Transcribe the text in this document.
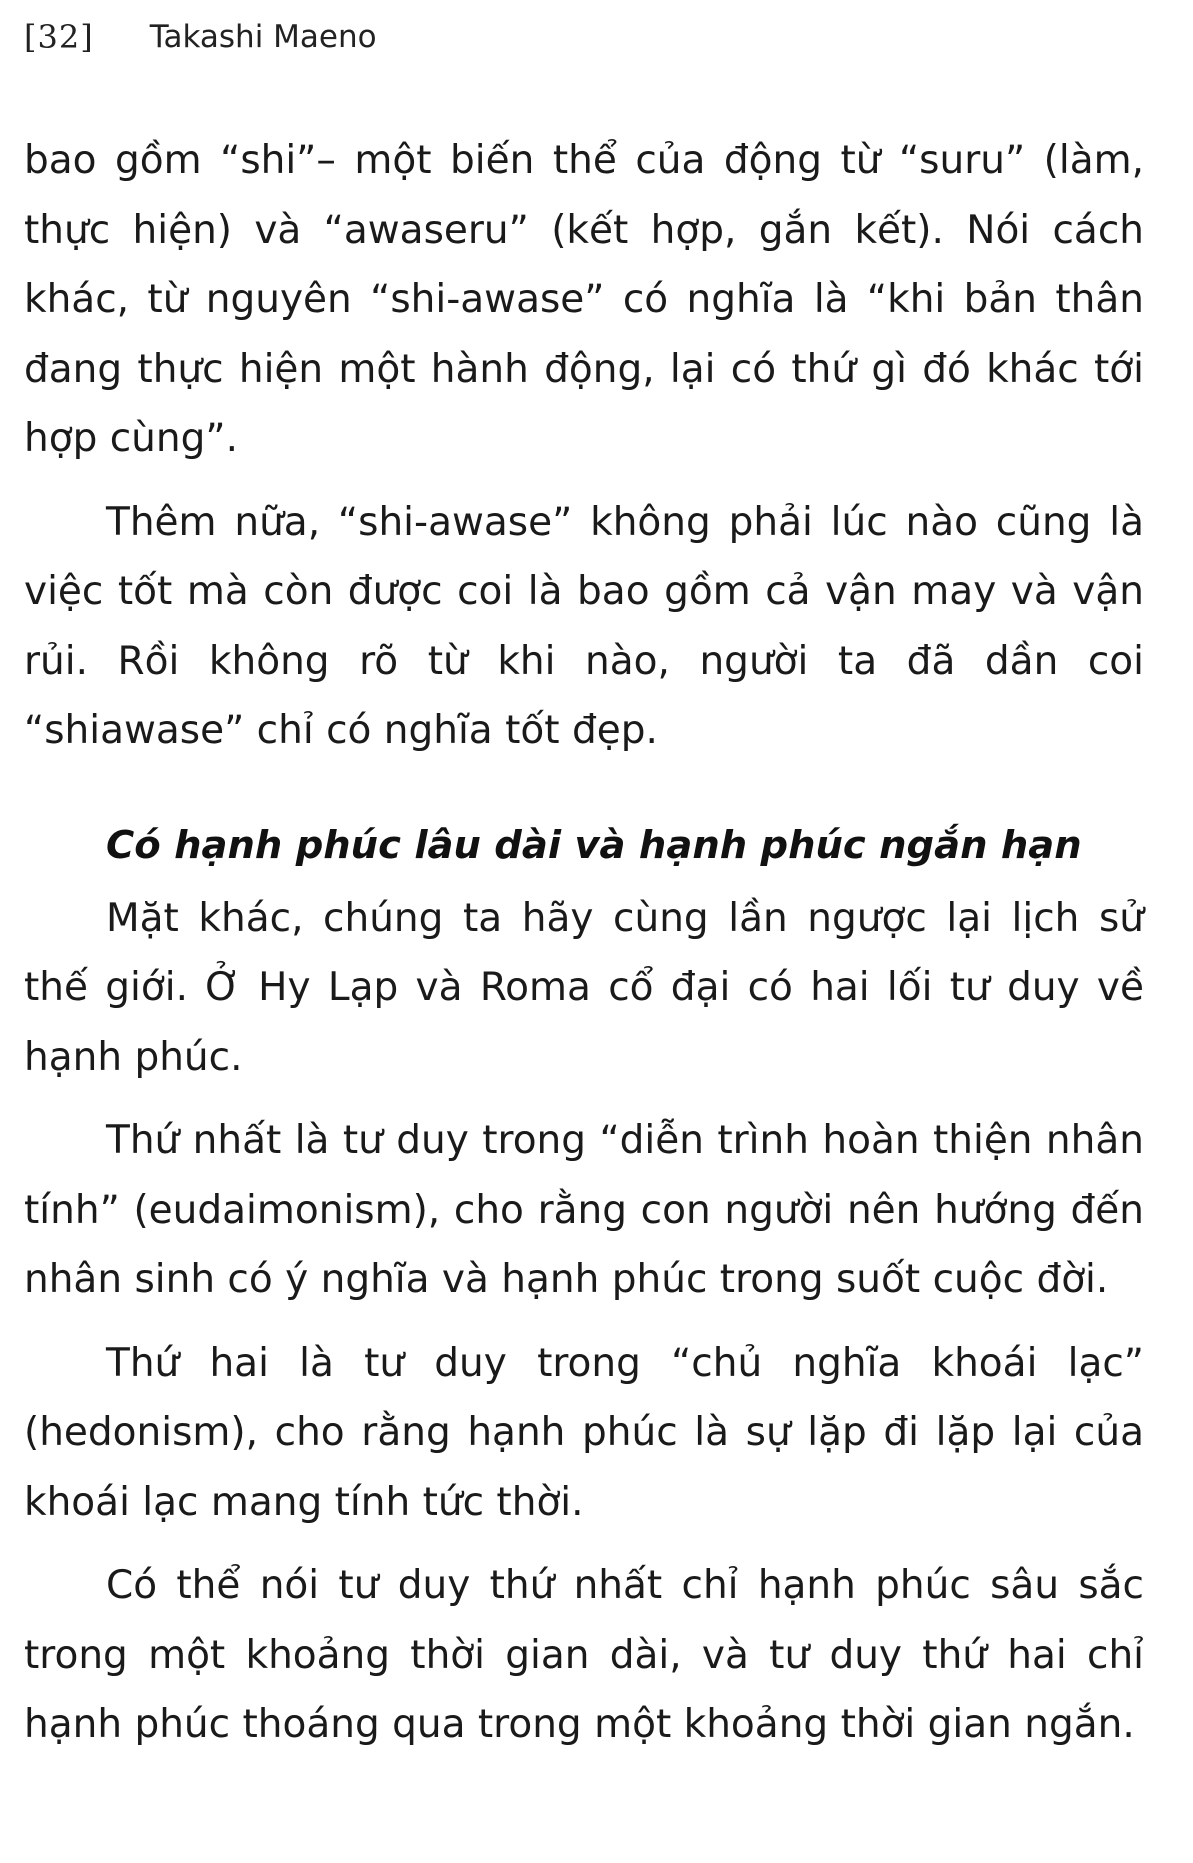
[32] Takashi Maeno

bao gồm “shi”– một biến thể của động từ “suru” (làm, thực hiện) và “awaseru” (kết hợp, gắn kết). Nói cách khác, từ nguyên “shi-awase” có nghĩa là “khi bản thân đang thực hiện một hành động, lại có thứ gì đó khác tới hợp cùng”.

Thêm nữa, “shi-awase” không phải lúc nào cũng là việc tốt mà còn được coi là bao gồm cả vận may và vận rủi. Rồi không rõ từ khi nào, người ta đã dần coi “shiawase” chỉ có nghĩa tốt đẹp.

Có hạnh phúc lâu dài và hạnh phúc ngắn hạn

Mặt khác, chúng ta hãy cùng lần ngược lại lịch sử thế giới. Ở Hy Lạp và Roma cổ đại có hai lối tư duy về hạnh phúc.

Thứ nhất là tư duy trong “diễn trình hoàn thiện nhân tính” (eudaimonism), cho rằng con người nên hướng đến nhân sinh có ý nghĩa và hạnh phúc trong suốt cuộc đời.

Thứ hai là tư duy trong “chủ nghĩa khoái lạc” (hedonism), cho rằng hạnh phúc là sự lặp đi lặp lại của khoái lạc mang tính tức thời.

Có thể nói tư duy thứ nhất chỉ hạnh phúc sâu sắc trong một khoảng thời gian dài, và tư duy thứ hai chỉ hạnh phúc thoáng qua trong một khoảng thời gian ngắn.
